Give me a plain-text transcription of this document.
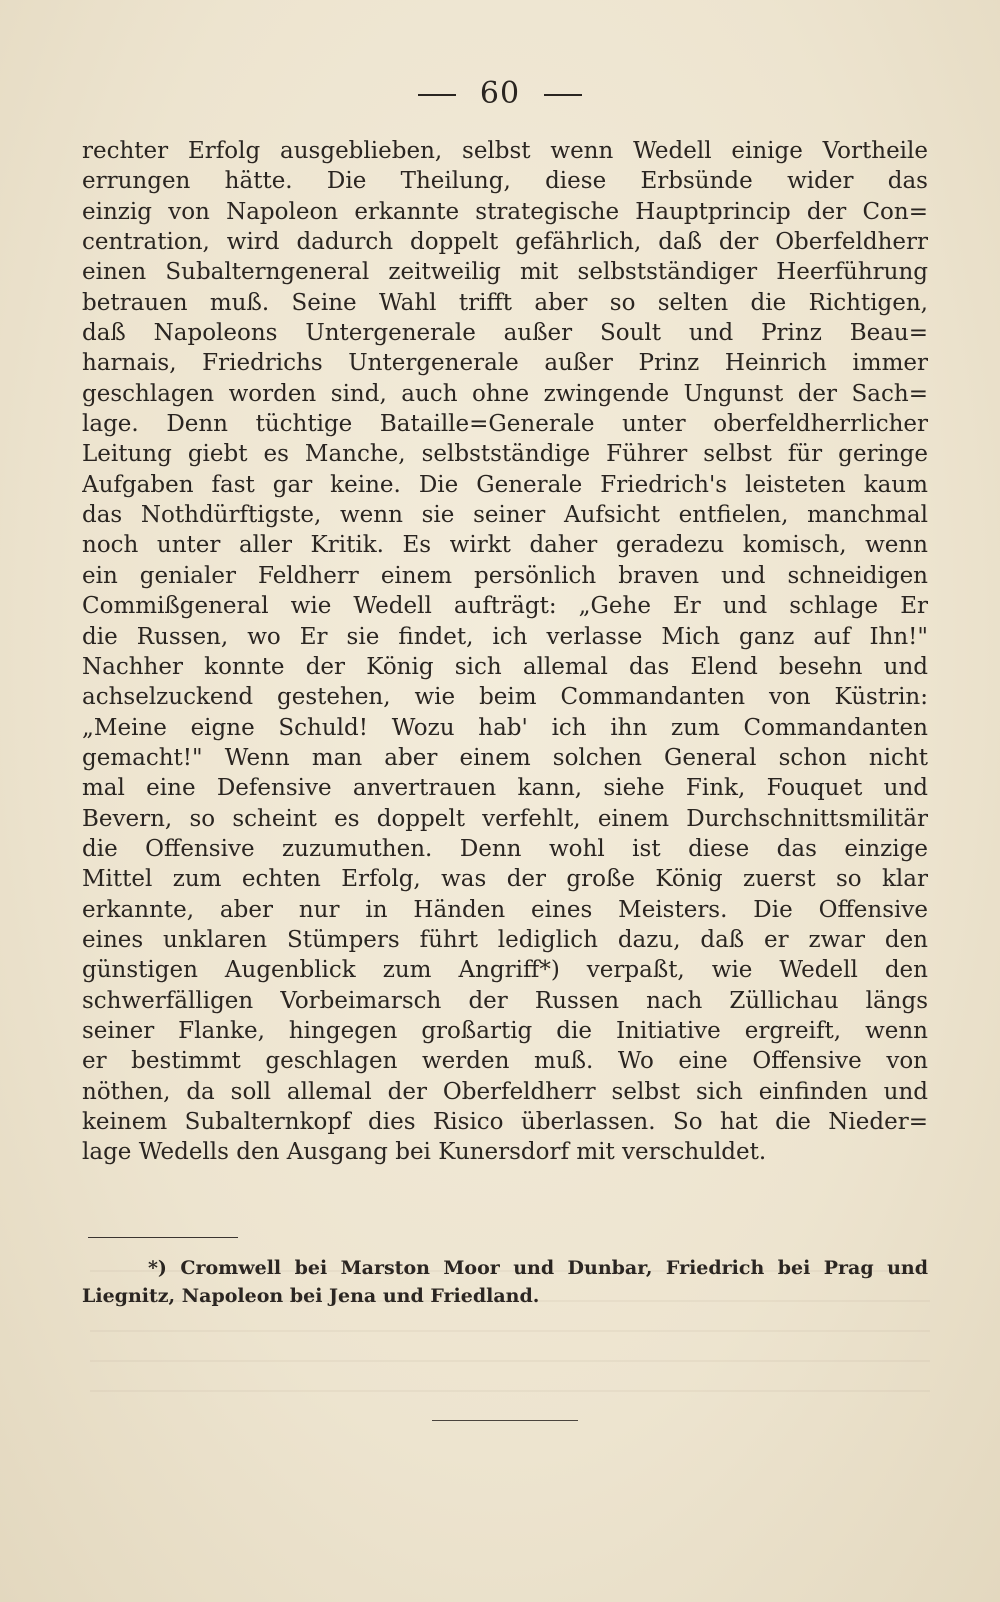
60
rechter Erfolg ausgeblieben, selbst wenn Wedell einige Vortheile
errungen hätte. Die Theilung, diese Erbsünde wider das
einzig von Napoleon erkannte strategische Hauptprincip der Con=
centration, wird dadurch doppelt gefährlich, daß der Oberfeldherr
einen Subalterngeneral zeitweilig mit selbstständiger Heerführung
betrauen muß. Seine Wahl trifft aber so selten die Richtigen,
daß Napoleons Untergenerale außer Soult und Prinz Beau=
harnais, Friedrichs Untergenerale außer Prinz Heinrich immer
geschlagen worden sind, auch ohne zwingende Ungunst der Sach=
lage. Denn tüchtige Bataille=Generale unter oberfeldherrlicher
Leitung giebt es Manche, selbstständige Führer selbst für geringe
Aufgaben fast gar keine. Die Generale Friedrich's leisteten kaum
das Nothdürftigste, wenn sie seiner Aufsicht entfielen, manchmal
noch unter aller Kritik. Es wirkt daher geradezu komisch, wenn
ein genialer Feldherr einem persönlich braven und schneidigen
Commißgeneral wie Wedell aufträgt: „Gehe Er und schlage Er
die Russen, wo Er sie findet, ich verlasse Mich ganz auf Ihn!"
Nachher konnte der König sich allemal das Elend besehn und
achselzuckend gestehen, wie beim Commandanten von Küstrin:
„Meine eigne Schuld! Wozu hab' ich ihn zum Commandanten
gemacht!" Wenn man aber einem solchen General schon nicht
mal eine Defensive anvertrauen kann, siehe Fink, Fouquet und
Bevern, so scheint es doppelt verfehlt, einem Durchschnittsmilitär
die Offensive zuzumuthen. Denn wohl ist diese das einzige
Mittel zum echten Erfolg, was der große König zuerst so klar
erkannte, aber nur in Händen eines Meisters. Die Offensive
eines unklaren Stümpers führt lediglich dazu, daß er zwar den
günstigen Augenblick zum Angriff*) verpaßt, wie Wedell den
schwerfälligen Vorbeimarsch der Russen nach Züllichau längs
seiner Flanke, hingegen großartig die Initiative ergreift, wenn
er bestimmt geschlagen werden muß. Wo eine Offensive von
nöthen, da soll allemal der Oberfeldherr selbst sich einfinden und
keinem Subalternkopf dies Risico überlassen. So hat die Nieder=
lage Wedells den Ausgang bei Kunersdorf mit verschuldet.
*) Cromwell bei Marston Moor und Dunbar, Friedrich bei Prag und
Liegnitz, Napoleon bei Jena und Friedland.
